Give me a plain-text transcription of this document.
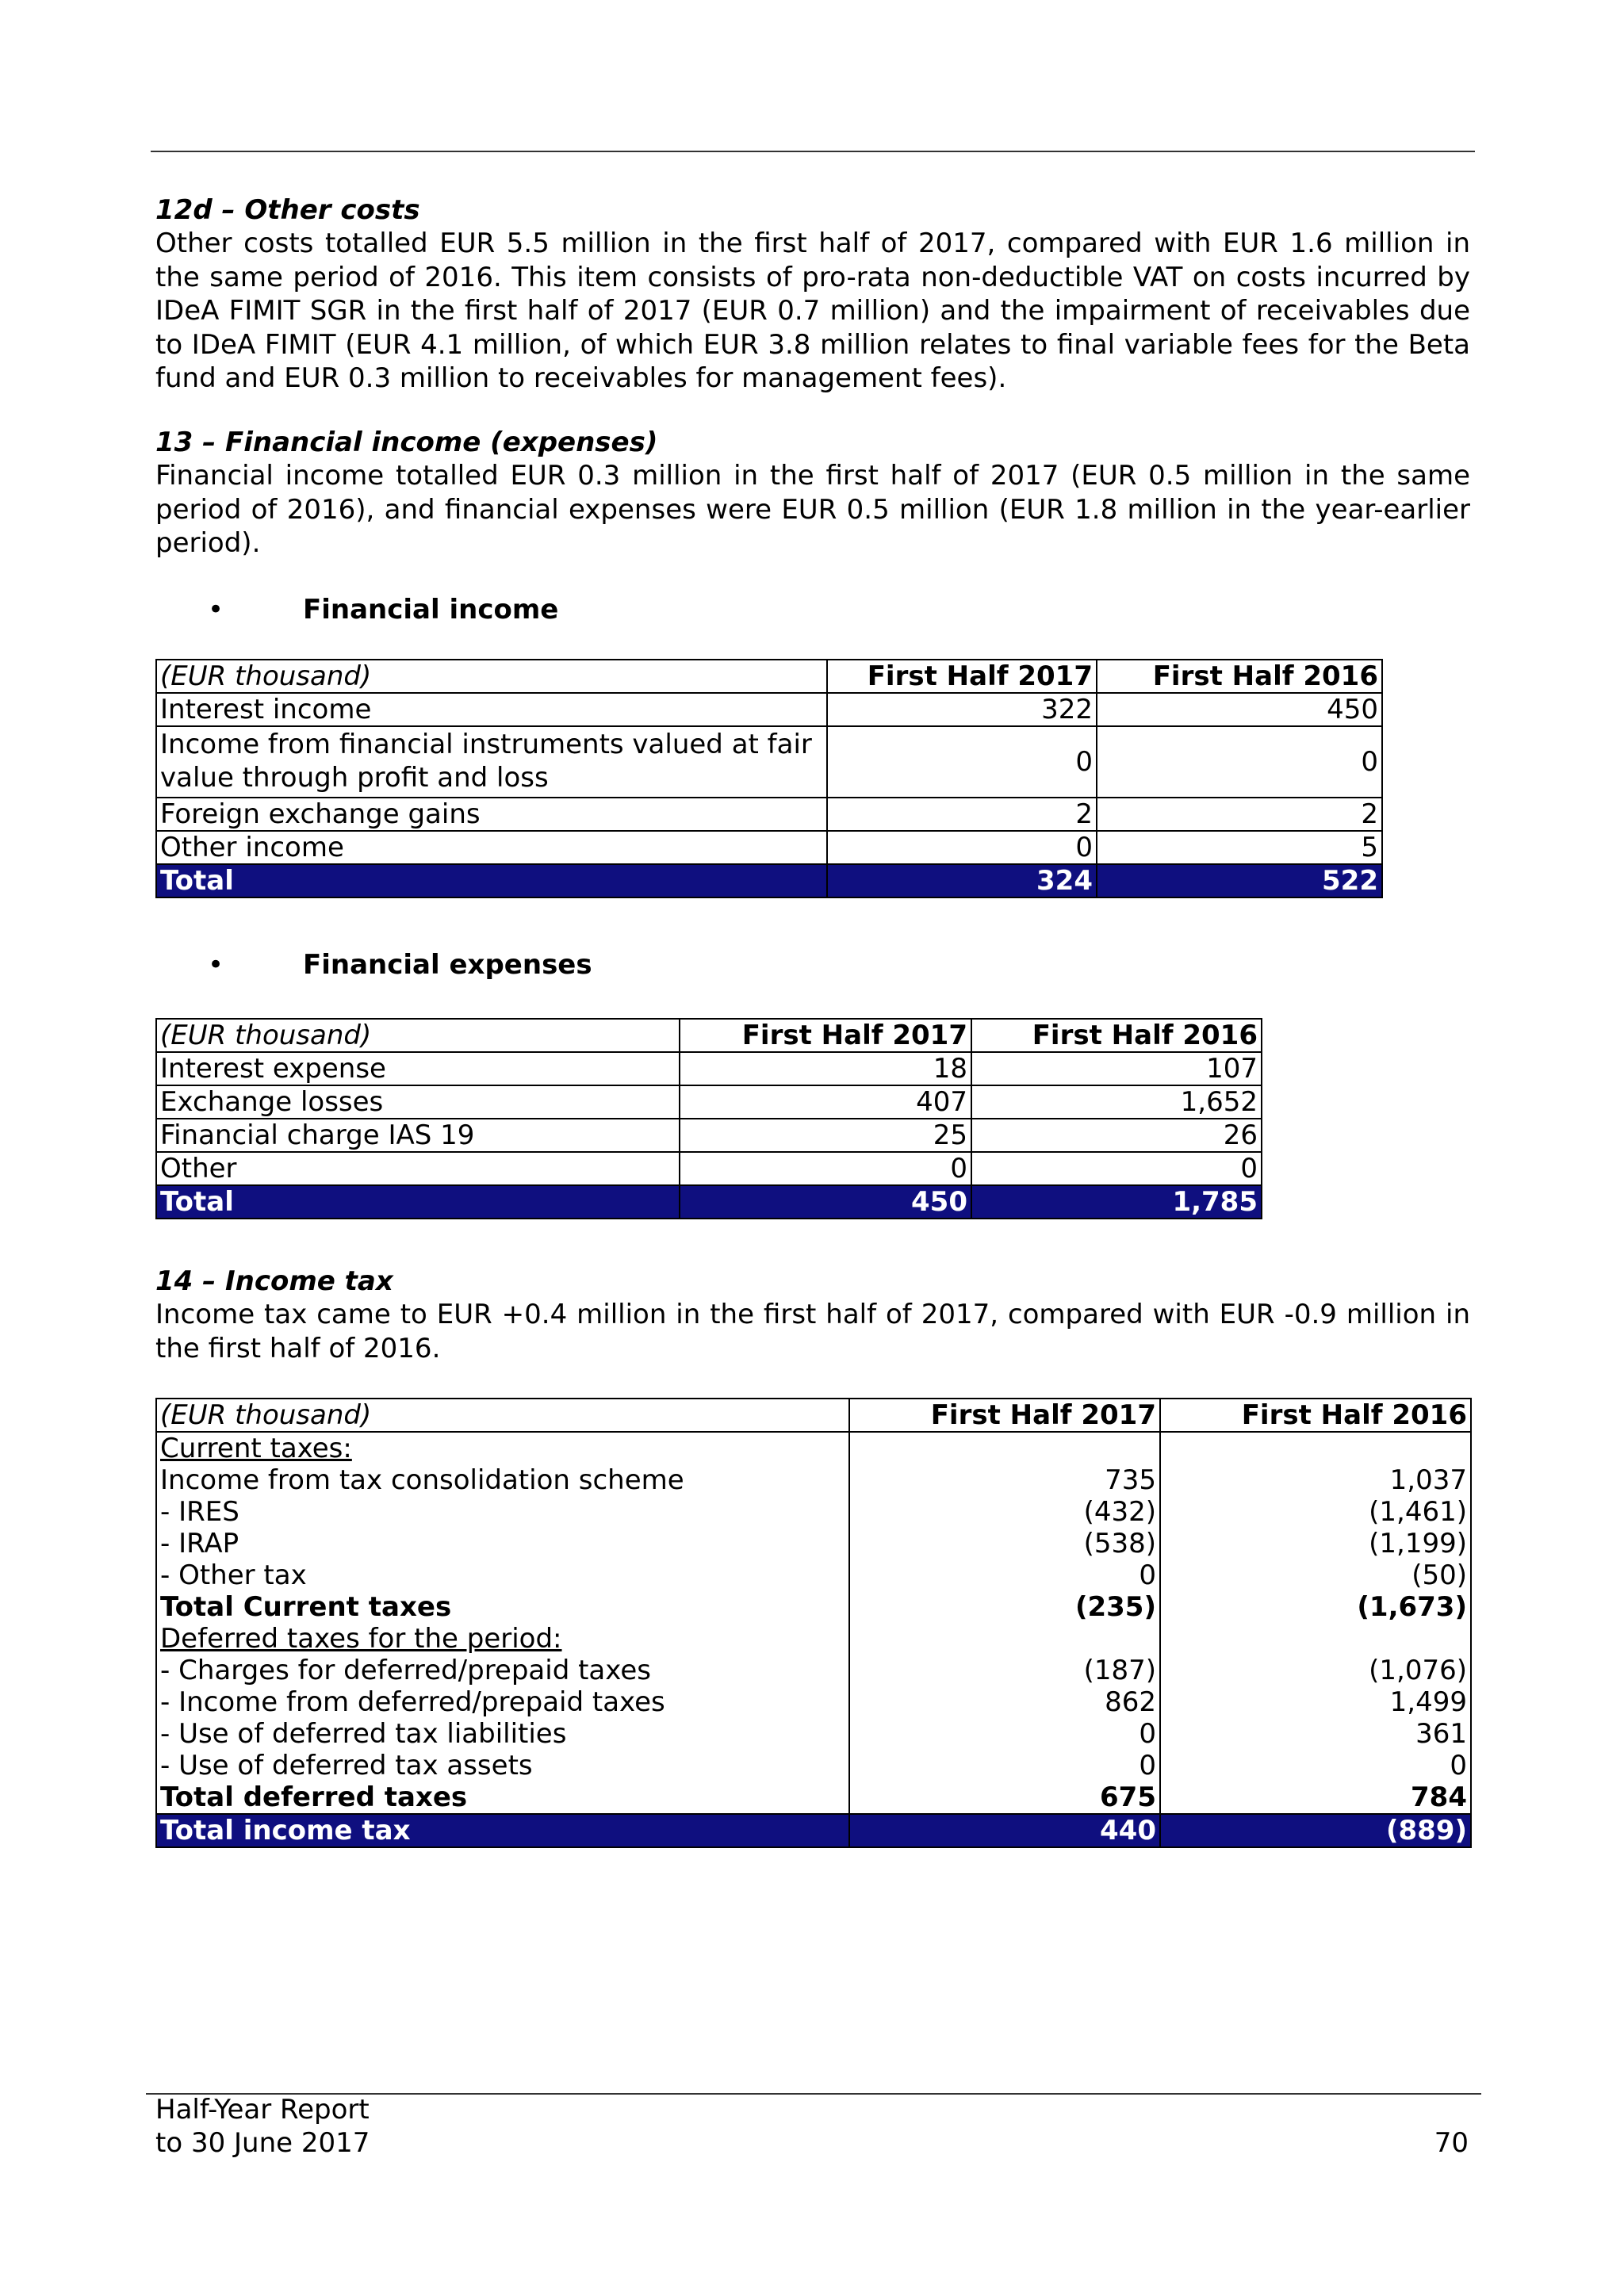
12d – Other costs

Other costs totalled EUR 5.5 million in the first half of 2017, compared with EUR 1.6 million in the same period of 2016. This item consists of pro-rata non-deductible VAT on costs incurred by IDeA FIMIT SGR in the first half of 2017 (EUR 0.7 million) and the impairment of receivables due to IDeA FIMIT (EUR 4.1 million, of which EUR 3.8 million relates to final variable fees for the Beta fund and EUR 0.3 million to receivables for management fees).

13 – Financial income (expenses)

Financial income totalled EUR 0.3 million in the first half of 2017 (EUR 0.5 million in the same period of 2016), and financial expenses were EUR 0.5 million (EUR 1.8 million in the year-earlier period).

•	Financial income
(EUR thousand)	First Half 2017	First Half 2016
Interest income	322	450
Income from financial instruments valued at fair value through profit and loss	0	0
Foreign exchange gains	2	2
Other income	0	5
Total	324	522
•	Financial expenses
(EUR thousand)	First Half 2017	First Half 2016
Interest expense	18	107
Exchange losses	407	1,652
Financial charge IAS 19	25	26
Other	0	0
Total	450	1,785

14 – Income tax

Income tax came to EUR +0.4 million in the first half of 2017, compared with EUR -0.9 million in the first half of 2016.

(EUR thousand)	First Half 2017	First Half 2016
Current taxes:		
Income from tax consolidation scheme	735	1,037
- IRES	(432)	(1,461)
- IRAP	(538)	(1,199)
- Other tax	0	(50)
Total Current taxes	(235)	(1,673)
Deferred taxes for the period:		
- Charges for deferred/prepaid taxes	(187)	(1,076)
- Income from deferred/prepaid taxes	862	1,499
- Use of deferred tax liabilities	0	361
- Use of deferred tax assets	0	0
Total deferred taxes	675	784
Total income tax	440	(889)
Half-Year Report
to 30 June 2017	70
